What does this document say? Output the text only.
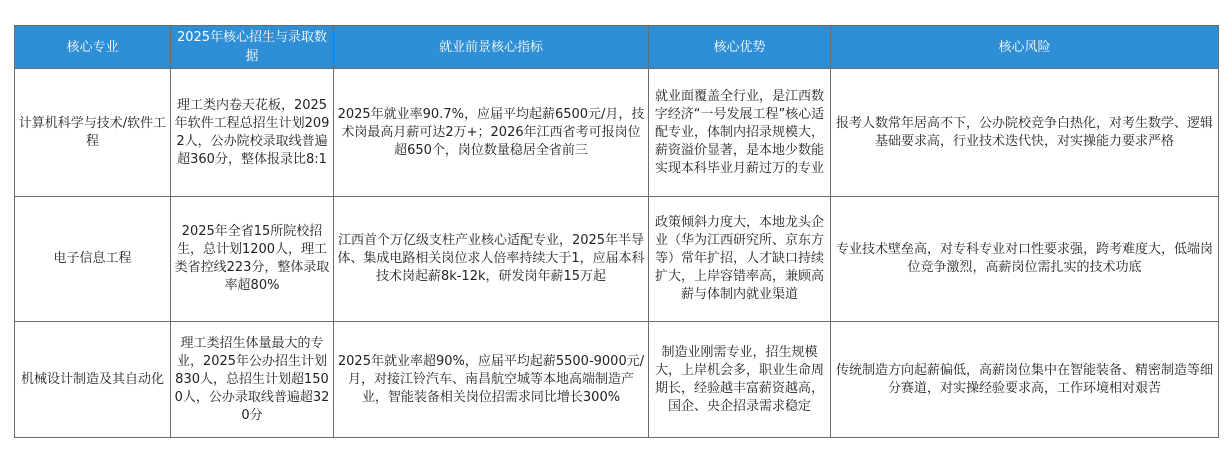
核心专业	2025年核心招生与录取数据	就业前景核心指标	核心优势	核心风险
计算机科学与技术/软件工程	理工类内卷天花板，2025年软件工程总招生计划2092人，公办院校录取线普遍超360分，整体报录比8:1	2025年就业率90.7%，应届平均起薪6500元/月，技术岗最高月薪可达2万+；2026年江西省考可报岗位超650个，岗位数量稳居全省前三	就业面覆盖全行业，是江西数字经济“一号发展工程”核心适配专业，体制内招录规模大，薪资溢价显著，是本地少数能实现本科毕业月薪过万的专业	报考人数常年居高不下，公办院校竞争白热化，对考生数学、逻辑基础要求高，行业技术迭代快，对实操能力要求严格
电子信息工程	2025年全省15所院校招生，总计划1200人，理工类省控线223分，整体录取率超80%	江西首个万亿级支柱产业核心适配专业，2025年半导体、集成电路相关岗位求人倍率持续大于1，应届本科技术岗起薪8k-12k，研发岗年薪15万起	政策倾斜力度大，本地龙头企业（华为江西研究所、京东方等）常年扩招，人才缺口持续扩大，上岸容错率高，兼顾高薪与体制内就业渠道	专业技术壁垒高，对专科专业对口性要求强，跨考难度大，低端岗位竞争激烈，高薪岗位需扎实的技术功底
机械设计制造及其自动化	理工类招生体量最大的专业，2025年公办招生计划830人，总招生计划超1500人，公办录取线普遍超320分	2025年就业率超90%，应届平均起薪5500-9000元/月，对接江铃汽车、南昌航空城等本地高端制造产业，智能装备相关岗位招需求同比增长300%	制造业刚需专业，招生规模大，上岸机会多，职业生命周期长，经验越丰富薪资越高，国企、央企招录需求稳定	传统制造方向起薪偏低，高薪岗位集中在智能装备、精密制造等细分赛道，对实操经验要求高，工作环境相对艰苦
